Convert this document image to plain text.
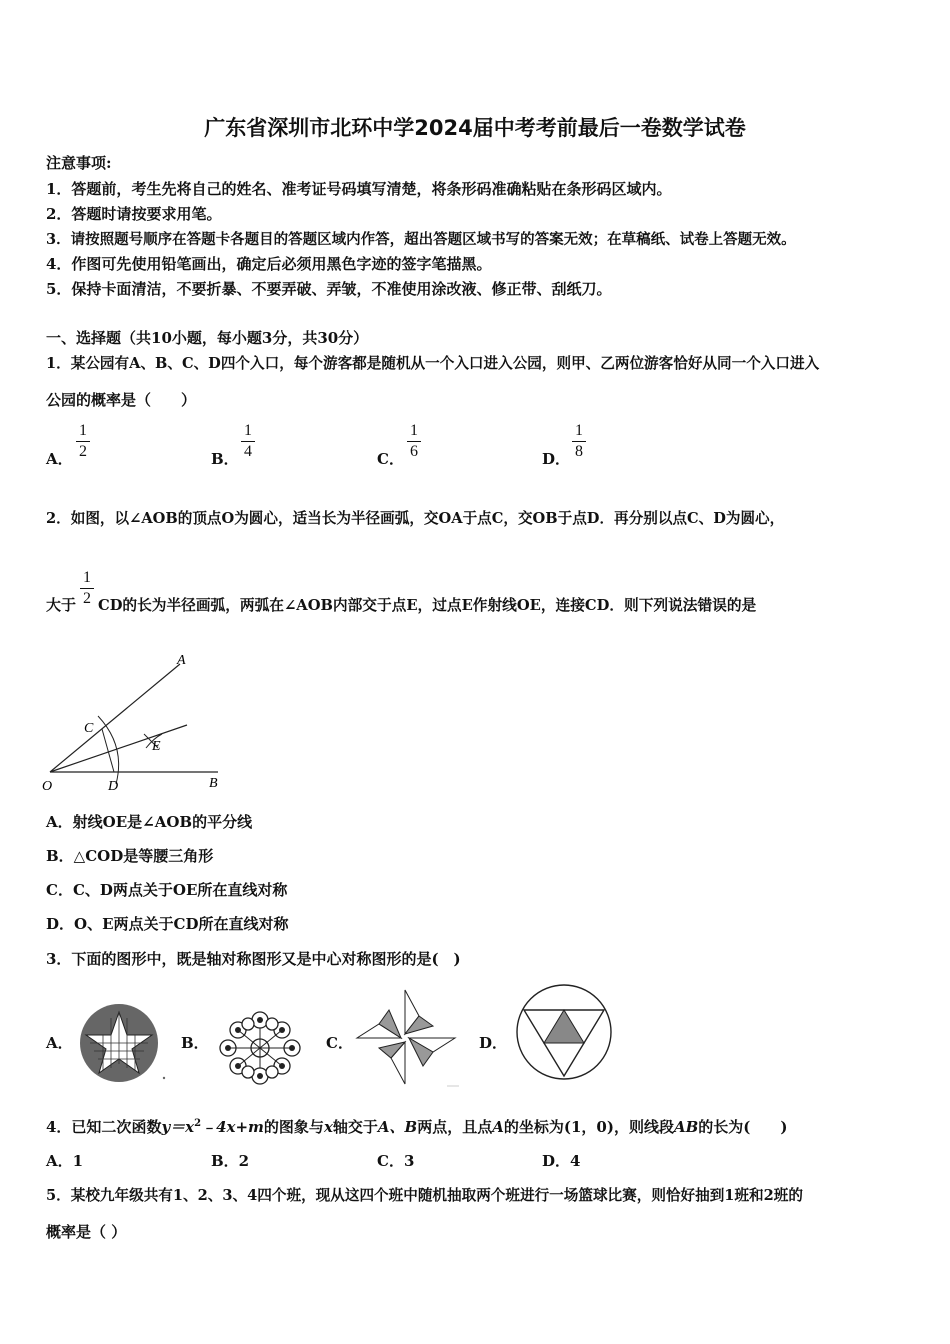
广东省深圳市北环中学2024届中考考前最后一卷数学试卷
注意事项:
1．答题前，考生先将自己的姓名、准考证号码填写清楚，将条形码准确粘贴在条形码区域内。
2．答题时请按要求用笔。
3．请按照题号顺序在答题卡各题目的答题区域内作答，超出答题区域书写的答案无效；在草稿纸、试卷上答题无效。
4．作图可先使用铅笔画出，确定后必须用黑色字迹的签字笔描黑。
5．保持卡面清洁，不要折暴、不要弄破、弄皱，不准使用涂改液、修正带、刮纸刀。
一、选择题（共10小题，每小题3分，共30分）
1．某公园有A、B、C、D四个入口，每个游客都是随机从一个入口进入公园，则甲、乙两位游客恰好从同一个入口进入
公园的概率是（　　）
A．
1
2	B．
1
4	C．
1
6	D．
1
8
2．如图，以∠AOB的顶点O为圆心，适当长为半径画弧，交OA于点C，交OB于点D．再分别以点C、D为圆心，
大于
1
2 CD的长为半径画弧，两弧在∠AOB内部交于点E，过点E作射线OE，连接CD．则下列说法错误的是
A
B
C
D
E
O
A．射线OE是∠AOB的平分线
B．△COD是等腰三角形
C．C、D两点关于OE所在直线对称
D．O、E两点关于CD所在直线对称
3．下面的图形中，既是轴对称图形又是中心对称图形的是(　)
A．	B．	C．	D．
4．已知二次函数$y=x^2﹣4x+m$的图象与x轴交于A、B两点，且点A的坐标为(1，0)，则线段AB的长为(　　)
A．1	B．2	C．3	D．4
5．某校九年级共有1、2、3、4四个班，现从这四个班中随机抽取两个班进行一场篮球比赛，则恰好抽到1班和2班的
概率是（ ）
